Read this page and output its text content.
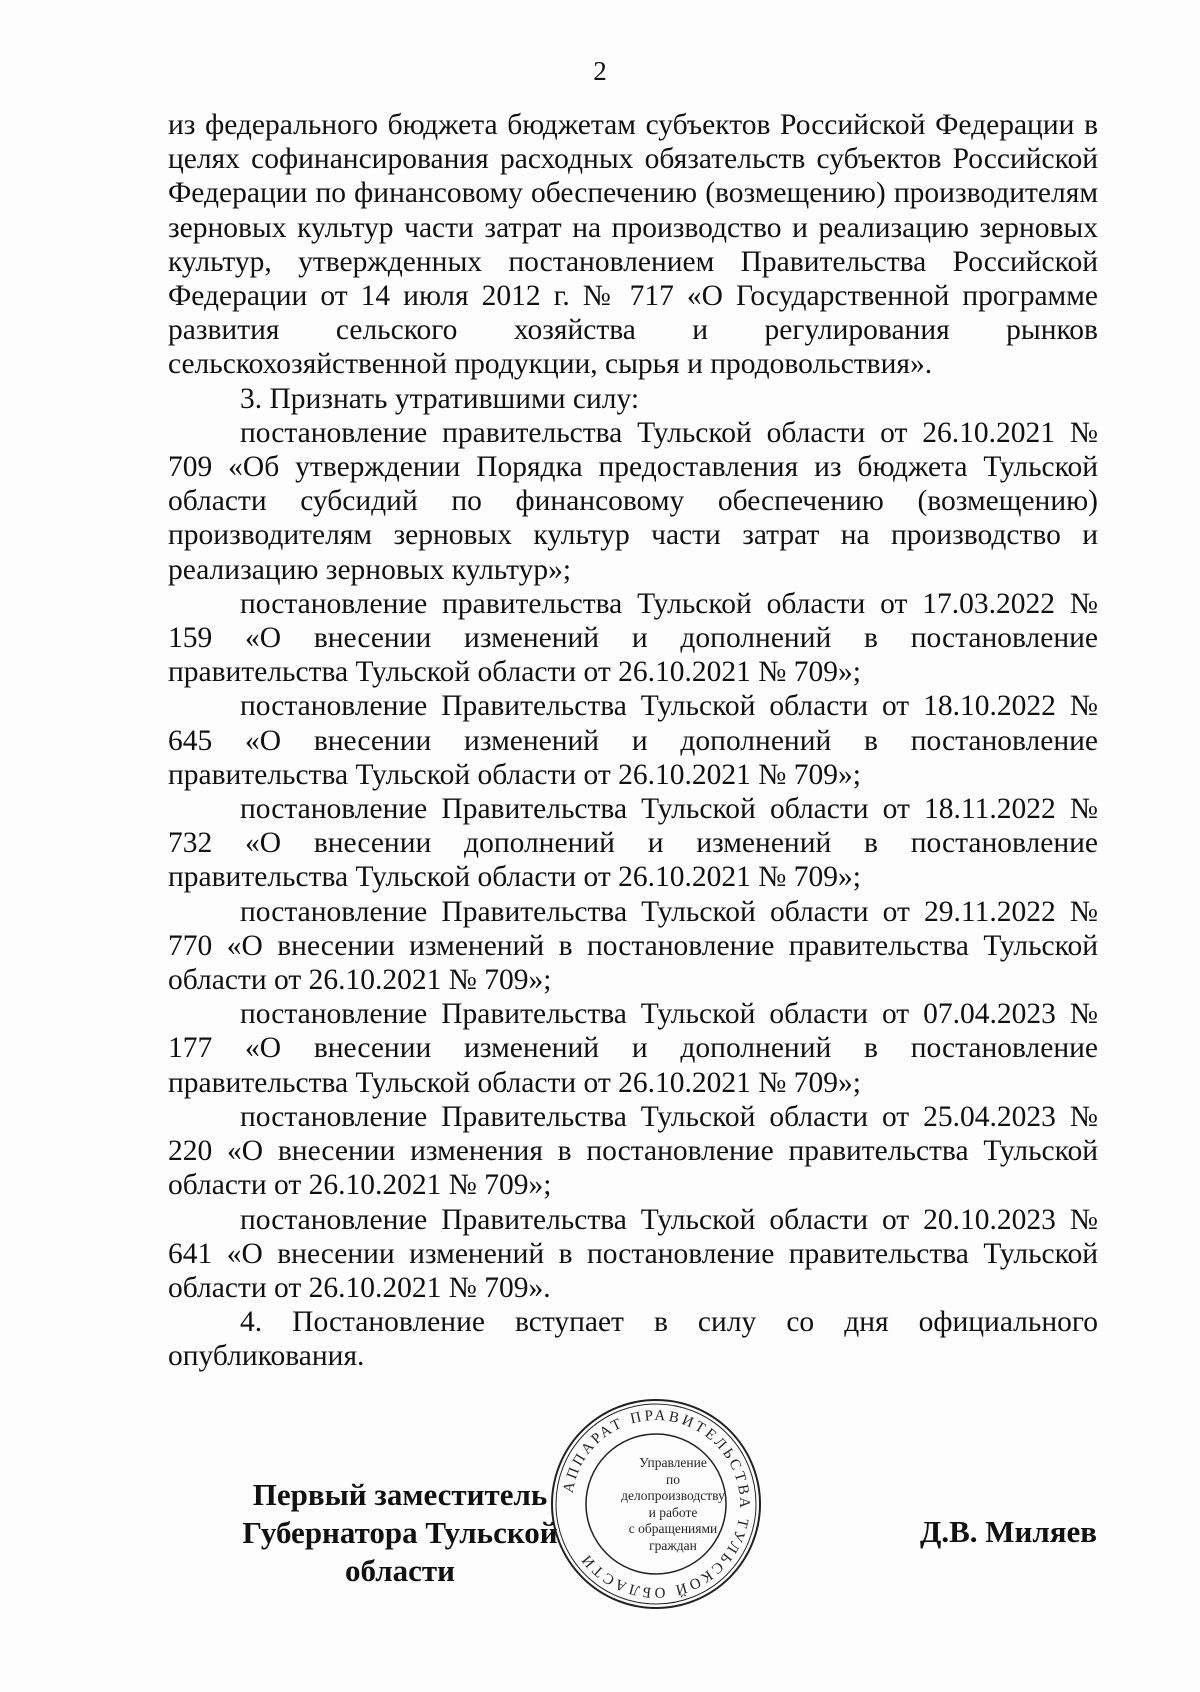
2

из федерального бюджета бюджетам субъектов Российской Федерации в целях софинансирования расходных обязательств субъектов Российской Федерации по финансовому обеспечению (возмещению) производителям зерновых культур части затрат на производство и реализацию зерновых культур, утвержденных постановлением Правительства Российской Федерации от 14 июля 2012 г. № 717 «О Государственной программе развития сельского хозяйства и регулирования рынков сельскохозяйственной продукции, сырья и продовольствия».

3. Признать утратившими силу:

постановление правительства Тульской области от 26.10.2021 № 709 «Об утверждении Порядка предоставления из бюджета Тульской области субсидий по финансовому обеспечению (возмещению) производителям зерновых культур части затрат на производство и реализацию зерновых культур»;

постановление правительства Тульской области от 17.03.2022 № 159 «О внесении изменений и дополнений в постановление правительства Тульской области от 26.10.2021 № 709»;

постановление Правительства Тульской области от 18.10.2022 № 645 «О внесении изменений и дополнений в постановление правительства Тульской области от 26.10.2021 № 709»;

постановление Правительства Тульской области от 18.11.2022 № 732 «О внесении дополнений и изменений в постановление правительства Тульской области от 26.10.2021 № 709»;

постановление Правительства Тульской области от 29.11.2022 № 770 «О внесении изменений в постановление правительства Тульской области от 26.10.2021 № 709»;

постановление Правительства Тульской области от 07.04.2023 № 177 «О внесении изменений и дополнений в постановление правительства Тульской области от 26.10.2021 № 709»;

постановление Правительства Тульской области от 25.04.2023 № 220 «О внесении изменения в постановление правительства Тульской области от 26.10.2021 № 709»;

постановление Правительства Тульской области от 20.10.2023 № 641 «О внесении изменений в постановление правительства Тульской области от 26.10.2021 № 709».

4. Постановление вступает в силу со дня официального опубликования.

АППАРАТ ПРАВИТЕЛЬСТВА ТУЛЬСКОЙ ОБЛАСТИ
Управление
по делопроизводству
и работе
с обращениями
граждан
Первый заместитель
Губернатора Тульской области
Д.В. Миляев
